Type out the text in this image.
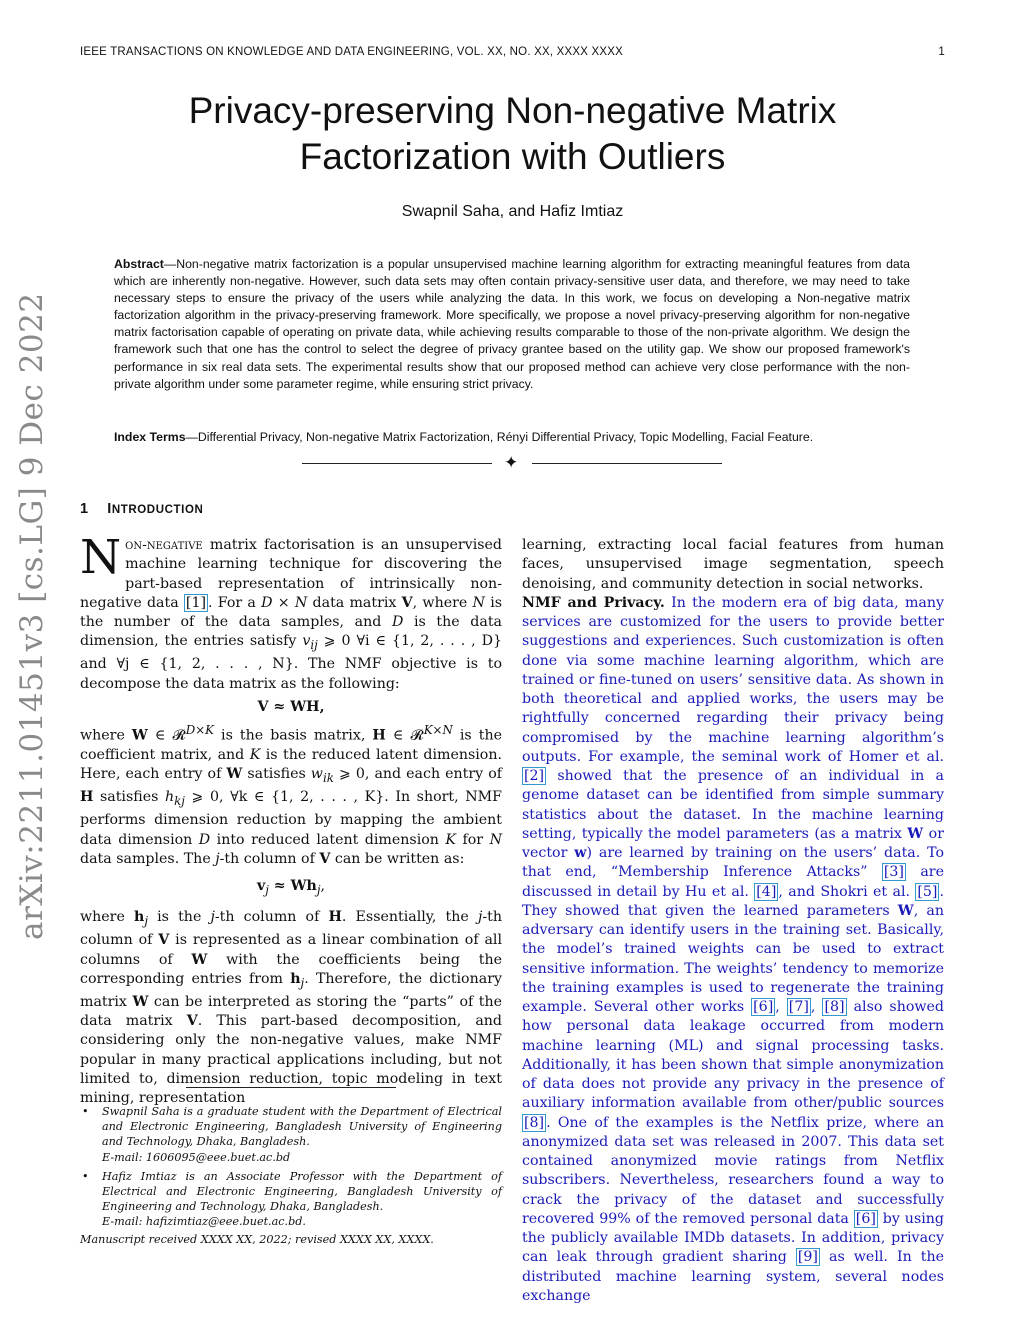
IEEE TRANSACTIONS ON KNOWLEDGE AND DATA ENGINEERING, VOL. XX, NO. XX, XXXX XXXX	1
Privacy-preserving Non-negative Matrix
Factorization with Outliers
Swapnil Saha, and Hafiz Imtiaz
Abstract—Non-negative matrix factorization is a popular unsupervised machine learning algorithm for extracting meaningful features from data which are inherently non-negative. However, such data sets may often contain privacy-sensitive user data, and therefore, we may need to take necessary steps to ensure the privacy of the users while analyzing the data. In this work, we focus on developing a Non-negative matrix factorization algorithm in the privacy-preserving framework. More specifically, we propose a novel privacy-preserving algorithm for non-negative matrix factorisation capable of operating on private data, while achieving results comparable to those of the non-private algorithm. We design the framework such that one has the control to select the degree of privacy grantee based on the utility gap. We show our proposed framework's performance in six real data sets. The experimental results show that our proposed method can achieve very close performance with the non-private algorithm under some parameter regime, while ensuring strict privacy.
Index Terms—Differential Privacy, Non-negative Matrix Factorization, Rényi Differential Privacy, Topic Modelling, Facial Feature.
✦
arXiv:2211.01451v3 [cs.LG] 9 Dec 2022 1 INTRODUCTION

Non-negative matrix factorisation is an unsupervised machine learning technique for discovering the part-based representation of intrinsically non-negative data [1] . For a D × N data matrix V, where N is the number of the data samples, and D is the data dimension, the entries satisfy $v_{ij}$ ⩾ 0 ∀i ∈ {1, 2, . . . , D} and ∀j ∈ {1, 2, . . . , N}. The NMF objective is to decompose the data matrix as the following:

V ≈ WH,

where W ∈ 𝓡$^{D\times K}$ is the basis matrix, H ∈ 𝓡$^{K\times N}$ is the coefficient matrix, and K is the reduced latent dimension. Here, each entry of W satisfies $w_{ik}$ ⩾ 0, and each entry of H satisfies $h_{kj}$ ⩾ 0, ∀k ∈ {1, 2, . . . , K}. In short, NMF performs dimension reduction by mapping the ambient data dimension D into reduced latent dimension K for N data samples. The j-th column of V can be written as:

$v_j \approx Wh_j$,

where $h_j$ is the j-th column of H. Essentially, the j-th column of V is represented as a linear combination of all columns of W with the coefficients being the corresponding entries from $h_j$. Therefore, the dictionary matrix W can be interpreted as storing the “parts” of the data matrix V. This part-based decomposition, and considering only the non-negative values, make NMF popular in many practical applications including, but not limited to, dimension reduction, topic modeling in text mining, representation

• Swapnil Saha is a graduate student with the Department of Electrical and Electronic Engineering, Bangladesh University of Engineering and Technology, Dhaka, Bangladesh.
E-mail: 1606095@eee.buet.ac.bd
• Hafiz Imtiaz is an Associate Professor with the Department of Electrical and Electronic Engineering, Bangladesh University of Engineering and Technology, Dhaka, Bangladesh.
E-mail: hafizimtiaz@eee.buet.ac.bd.
Manuscript received XXXX XX, 2022; revised XXXX XX, XXXX.

learning, extracting local facial features from human faces, unsupervised image segmentation, speech denoising, and community detection in social networks.

NMF and Privacy. In the modern era of big data, many services are customized for the users to provide better suggestions and experiences. Such customization is often done via some machine learning algorithm, which are trained or fine-tuned on users’ sensitive data. As shown in both theoretical and applied works, the users may be rightfully concerned regarding their privacy being compromised by the machine learning algorithm’s outputs. For example, the seminal work of Homer et al. [2] showed that the presence of an individual in a genome dataset can be identified from simple summary statistics about the dataset. In the machine learning setting, typically the model parameters (as a matrix W or vector w) are learned by training on the users’ data. To that end, “Membership Inference Attacks” [3] are discussed in detail by Hu et al. [4] , and Shokri et al. [5] . They showed that given the learned parameters W, an adversary can identify users in the training set. Basically, the model’s trained weights can be used to extract sensitive information. The weights’ tendency to memorize the training examples is used to regenerate the training example. Several other works [6] , [7] , [8] also showed how personal data leakage occurred from modern machine learning (ML) and signal processing tasks. Additionally, it has been shown that simple anonymization of data does not provide any privacy in the presence of auxiliary information available from other/public sources [8] . One of the examples is the Netflix prize, where an anonymized data set was released in 2007. This data set contained anonymized movie ratings from Netflix subscribers. Nevertheless, researchers found a way to crack the privacy of the dataset and successfully recovered 99% of the removed personal data [6] by using the publicly available IMDb datasets. In addition, privacy can leak through gradient sharing [9] as well. In the distributed machine learning system, several nodes exchange
